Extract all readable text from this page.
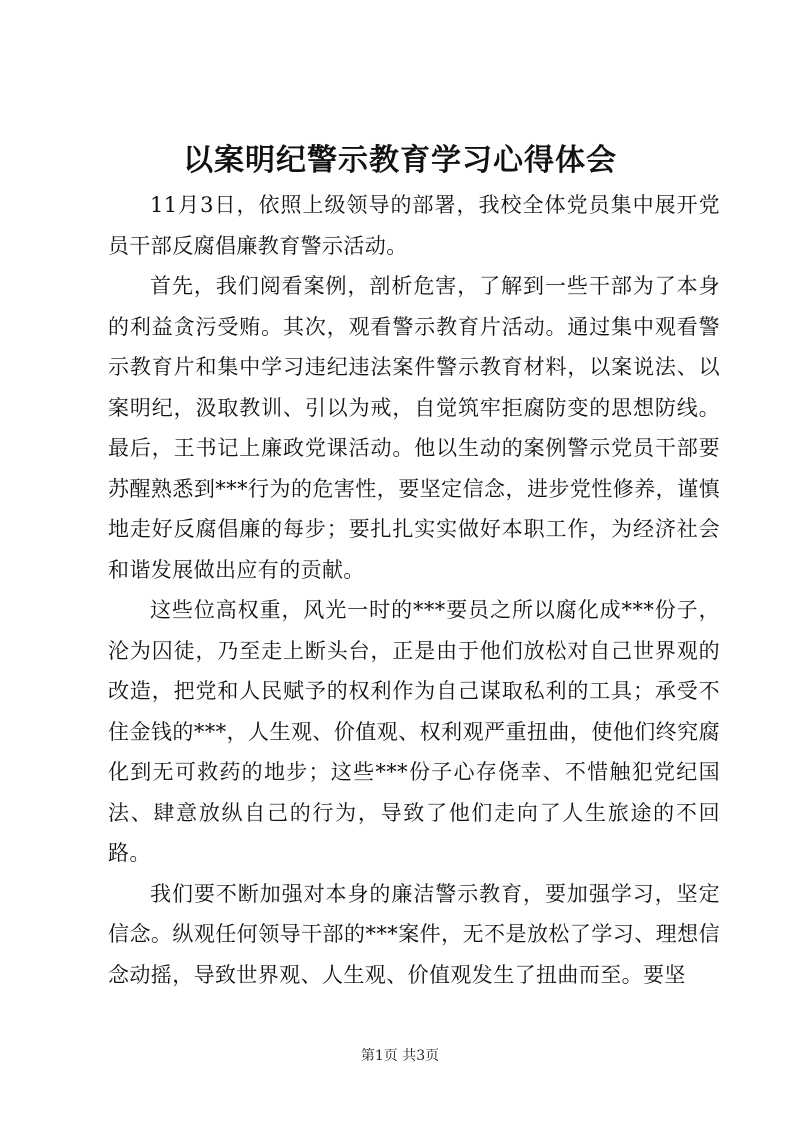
以案明纪警示教育学习心得体会

11月3日，依照上级领导的部署，我校全体党员集中展开党员干部反腐倡廉教育警示活动。

首先，我们阅看案例，剖析危害，了解到一些干部为了本身的利益贪污受贿。其次，观看警示教育片活动。通过集中观看警示教育片和集中学习违纪违法案件警示教育材料，以案说法、以案明纪，汲取教训、引以为戒，自觉筑牢拒腐防变的思想防线。最后，王书记上廉政党课活动。他以生动的案例警示党员干部要苏醒熟悉到***行为的危害性，要坚定信念，进步党性修养，谨慎地走好反腐倡廉的每步；要扎扎实实做好本职工作，为经济社会和谐发展做出应有的贡献。

这些位高权重，风光一时的***要员之所以腐化成***份子，沦为囚徒，乃至走上断头台，正是由于他们放松对自己世界观的改造，把党和人民赋予的权利作为自己谋取私利的工具；承受不住金钱的***，人生观、价值观、权利观严重扭曲，使他们终究腐化到无可救药的地步；这些***份子心存侥幸、不惜触犯党纪国法、肆意放纵自己的行为，导致了他们走向了人生旅途的不回路。

我们要不断加强对本身的廉洁警示教育，要加强学习，坚定信念。纵观任何领导干部的***案件，无不是放松了学习、理想信念动摇，导致世界观、人生观、价值观发生了扭曲而至。要坚

第1页 共3页
